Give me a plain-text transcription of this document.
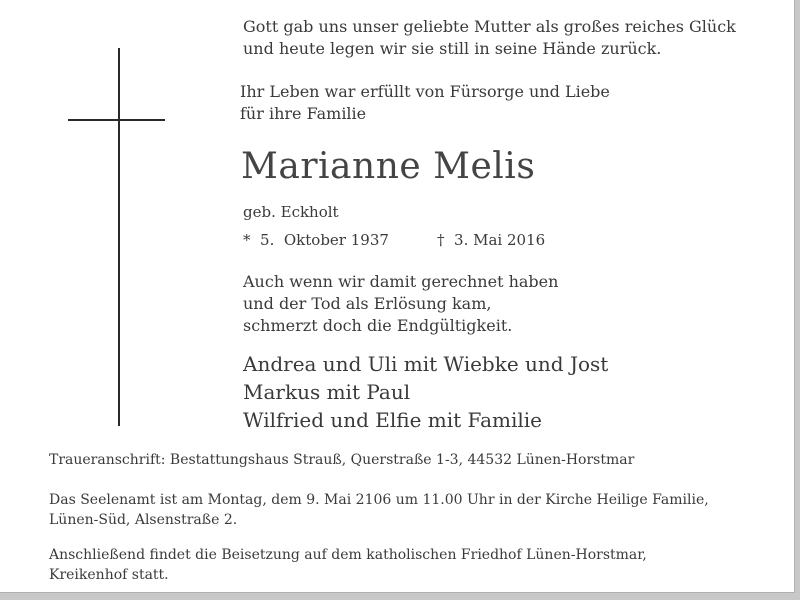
Gott gab uns unser geliebte Mutter als großes reiches Glück
und heute legen wir sie still in seine Hände zurück.

Ihr Leben war erfüllt von Fürsorge und Liebe
für ihre Familie

Marianne Melis

geb. Eckholt

*  5.  Oktober 1937	†  3. Mai 2016

Auch wenn wir damit gerechnet haben
und der Tod als Erlösung kam,
schmerzt doch die Endgültigkeit.

Andrea und Uli mit Wiebke und Jost
Markus mit Paul
Wilfried und Elfie mit Familie

Traueranschrift: Bestattungshaus Strauß, Querstraße 1-3, 44532 Lünen-Horstmar

Das Seelenamt ist am Montag, dem 9. Mai 2106 um 11.00 Uhr in der Kirche Heilige Familie,
Lünen-Süd, Alsenstraße 2.

Anschließend findet die Beisetzung auf dem katholischen Friedhof Lünen-Horstmar,
Kreikenhof statt.
